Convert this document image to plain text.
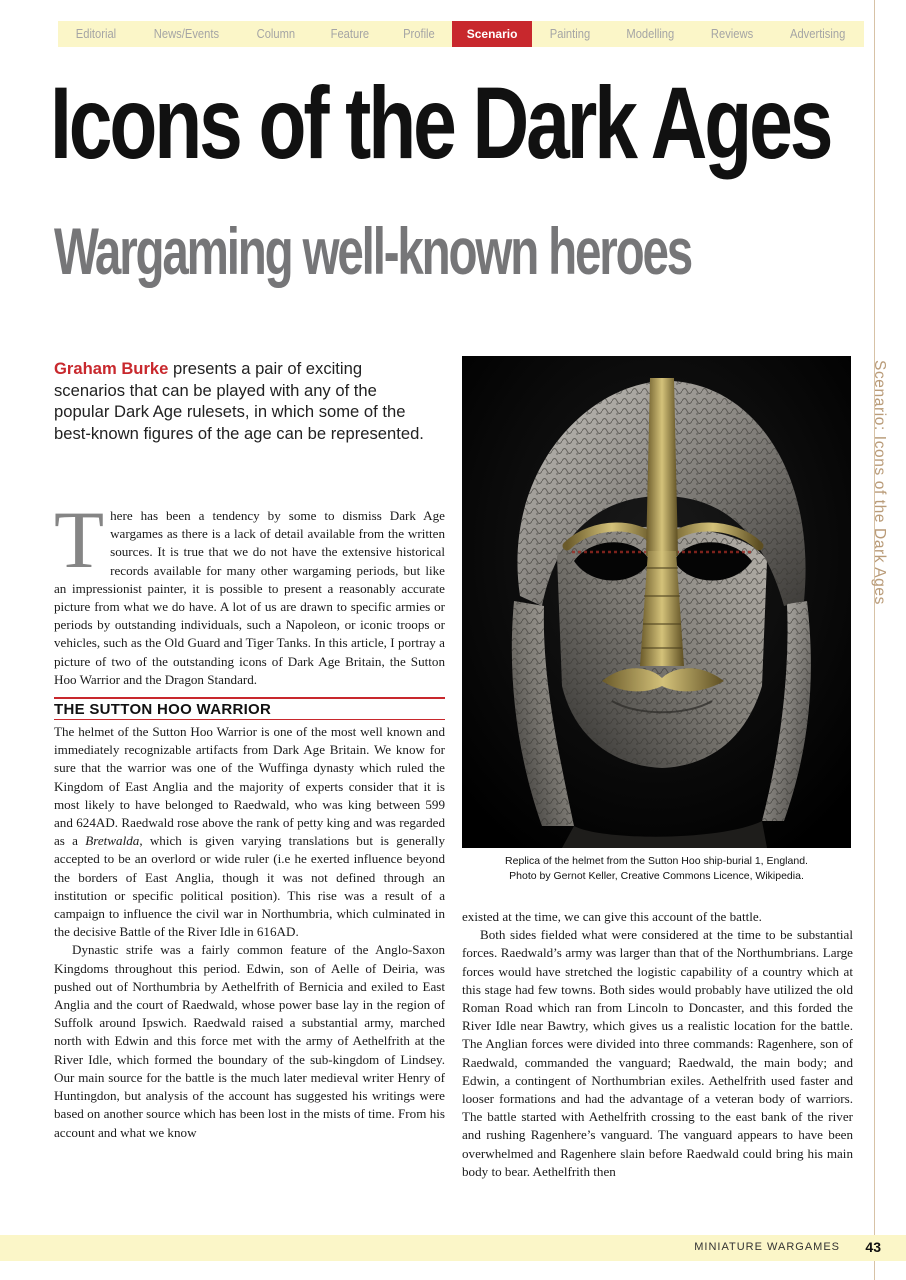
Editorial	News/Events	Column	Feature	Profile	Scenario	Painting	Modelling	Reviews	Advertising
Icons of the Dark Ages
Wargaming well-known heroes

Graham Burke presents a pair of exciting scenarios that can be played with any of the popular Dark Age rulesets, in which some of the best-known figures of the age can be represented.

There has been a tendency by some to dismiss Dark Age wargames as there is a lack of detail available from the written sources. It is true that we do not have the extensive historical records available for many other wargaming periods, but like an impressionist painter, it is possible to present a reasonably accurate picture from what we do have. A lot of us are drawn to specific armies or periods by outstanding individuals, such a Napoleon, or iconic troops or vehicles, such as the Old Guard and Tiger Tanks. In this article, I portray a picture of two of the outstanding icons of Dark Age Britain, the Sutton Hoo Warrior and the Dragon Standard.

THE SUTTON HOO WARRIOR

The helmet of the Sutton Hoo Warrior is one of the most well known and immediately recognizable artifacts from Dark Age Britain. We know for sure that the warrior was one of the Wuffinga dynasty which ruled the Kingdom of East Anglia and the majority of experts consider that it is most likely to have belonged to Raedwald, who was king between 599 and 624AD. Raedwald rose above the rank of petty king and was regarded as a Bretwalda, which is given varying translations but is generally accepted to be an overlord or wide ruler (i.e he exerted influence beyond the borders of East Anglia, though it was not defined through an institution or specific political position). This rise was a result of a campaign to influence the civil war in Northumbria, which culminated in the decisive Battle of the River Idle in 616AD.

Dynastic strife was a fairly common feature of the Anglo-Saxon Kingdoms throughout this period. Edwin, son of Aelle of Deiria, was pushed out of Northumbria by Aethelfrith of Bernicia and exiled to East Anglia and the court of Raedwald, whose power base lay in the region of Suffolk around Ipswich. Raedwald raised a substantial army, marched north with Edwin and this force met with the army of Aethelfrith at the River Idle, which formed the boundary of the sub-kingdom of Lindsey. Our main source for the battle is the much later medieval writer Henry of Huntingdon, but analysis of the account has suggested his writings were based on another source which has been lost in the mists of time. From his account and what we know

Replica of the helmet from the Sutton Hoo ship-burial 1, England.
Photo by Gernot Keller, Creative Commons Licence, Wikipedia.

existed at the time, we can give this account of the battle.

Both sides fielded what were considered at the time to be substantial forces. Raedwald’s army was larger than that of the Northumbrians. Large forces would have stretched the logistic capability of a country which at this stage had few towns. Both sides would probably have utilized the old Roman Road which ran from Lincoln to Doncaster, and this forded the River Idle near Bawtry, which gives us a realistic location for the battle. The Anglian forces were divided into three commands: Ragenhere, son of Raedwald, commanded the vanguard; Raedwald, the main body; and Edwin, a contingent of Northumbrian exiles. Aethelfrith used faster and looser formations and had the advantage of a veteran body of warriors. The battle started with Aethelfrith crossing to the east bank of the river and rushing Ragenhere’s vanguard. The vanguard appears to have been overwhelmed and Ragenhere slain before Raedwald could bring his main body to bear. Aethelfrith then

Scenario: Icons of the Dark Ages
MINIATURE WARGAMES 43
